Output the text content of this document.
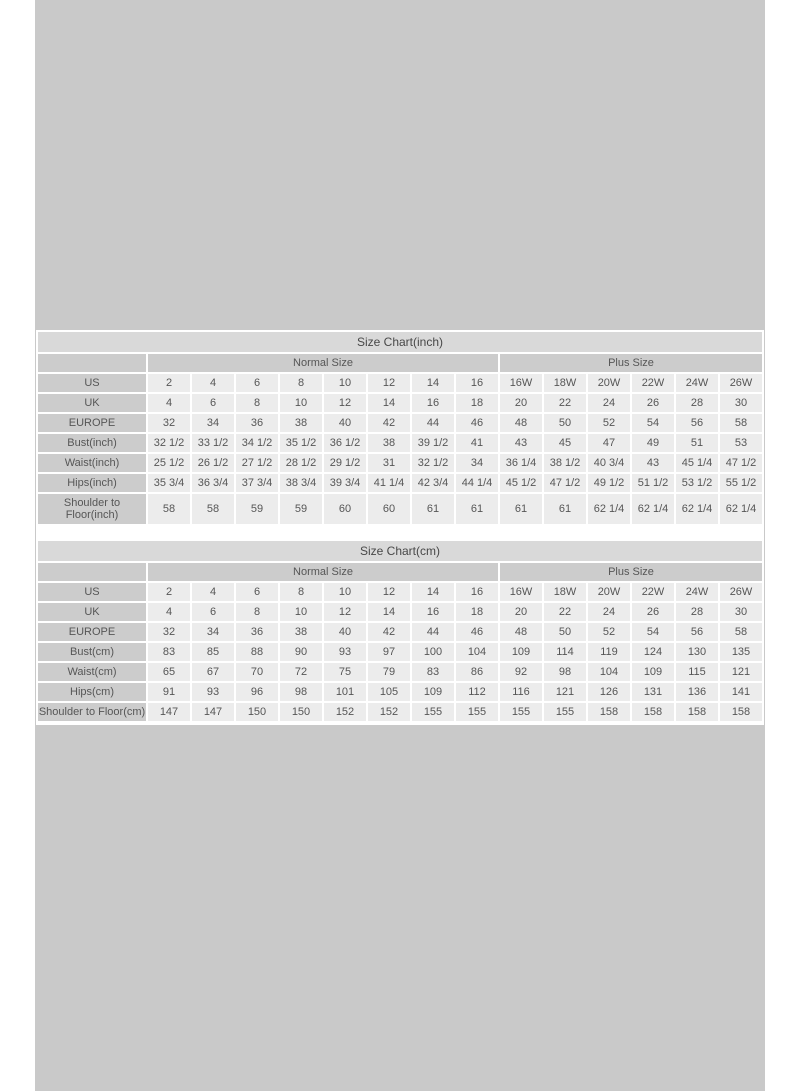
Size Chart(inch)
	Normal Size								Plus Size					
US	2	4	6	8	10	12	14	16	16W	18W	20W	22W	24W	26W
UK	4	6	8	10	12	14	16	18	20	22	24	26	28	30
EUROPE	32	34	36	38	40	42	44	46	48	50	52	54	56	58
Bust(inch)	32 1/2	33 1/2	34 1/2	35 1/2	36 1/2	38	39 1/2	41	43	45	47	49	51	53
Waist(inch)	25 1/2	26 1/2	27 1/2	28 1/2	29 1/2	31	32 1/2	34	36 1/4	38 1/2	40 3/4	43	45 1/4	47 1/2
Hips(inch)	35 3/4	36 3/4	37 3/4	38 3/4	39 3/4	41 1/4	42 3/4	44 1/4	45 1/2	47 1/2	49 1/2	51 1/2	53 1/2	55 1/2
Shoulder to Floor(inch)	58	58	59	59	60	60	61	61	61	61	62 1/4	62 1/4	62 1/4	62 1/4
Size Chart(cm)
	Normal Size								Plus Size					
US	2	4	6	8	10	12	14	16	16W	18W	20W	22W	24W	26W
UK	4	6	8	10	12	14	16	18	20	22	24	26	28	30
EUROPE	32	34	36	38	40	42	44	46	48	50	52	54	56	58
Bust(cm)	83	85	88	90	93	97	100	104	109	114	119	124	130	135
Waist(cm)	65	67	70	72	75	79	83	86	92	98	104	109	115	121
Hips(cm)	91	93	96	98	101	105	109	112	116	121	126	131	136	141
Shoulder to Floor(cm)	147	147	150	150	152	152	155	155	155	155	158	158	158	158
